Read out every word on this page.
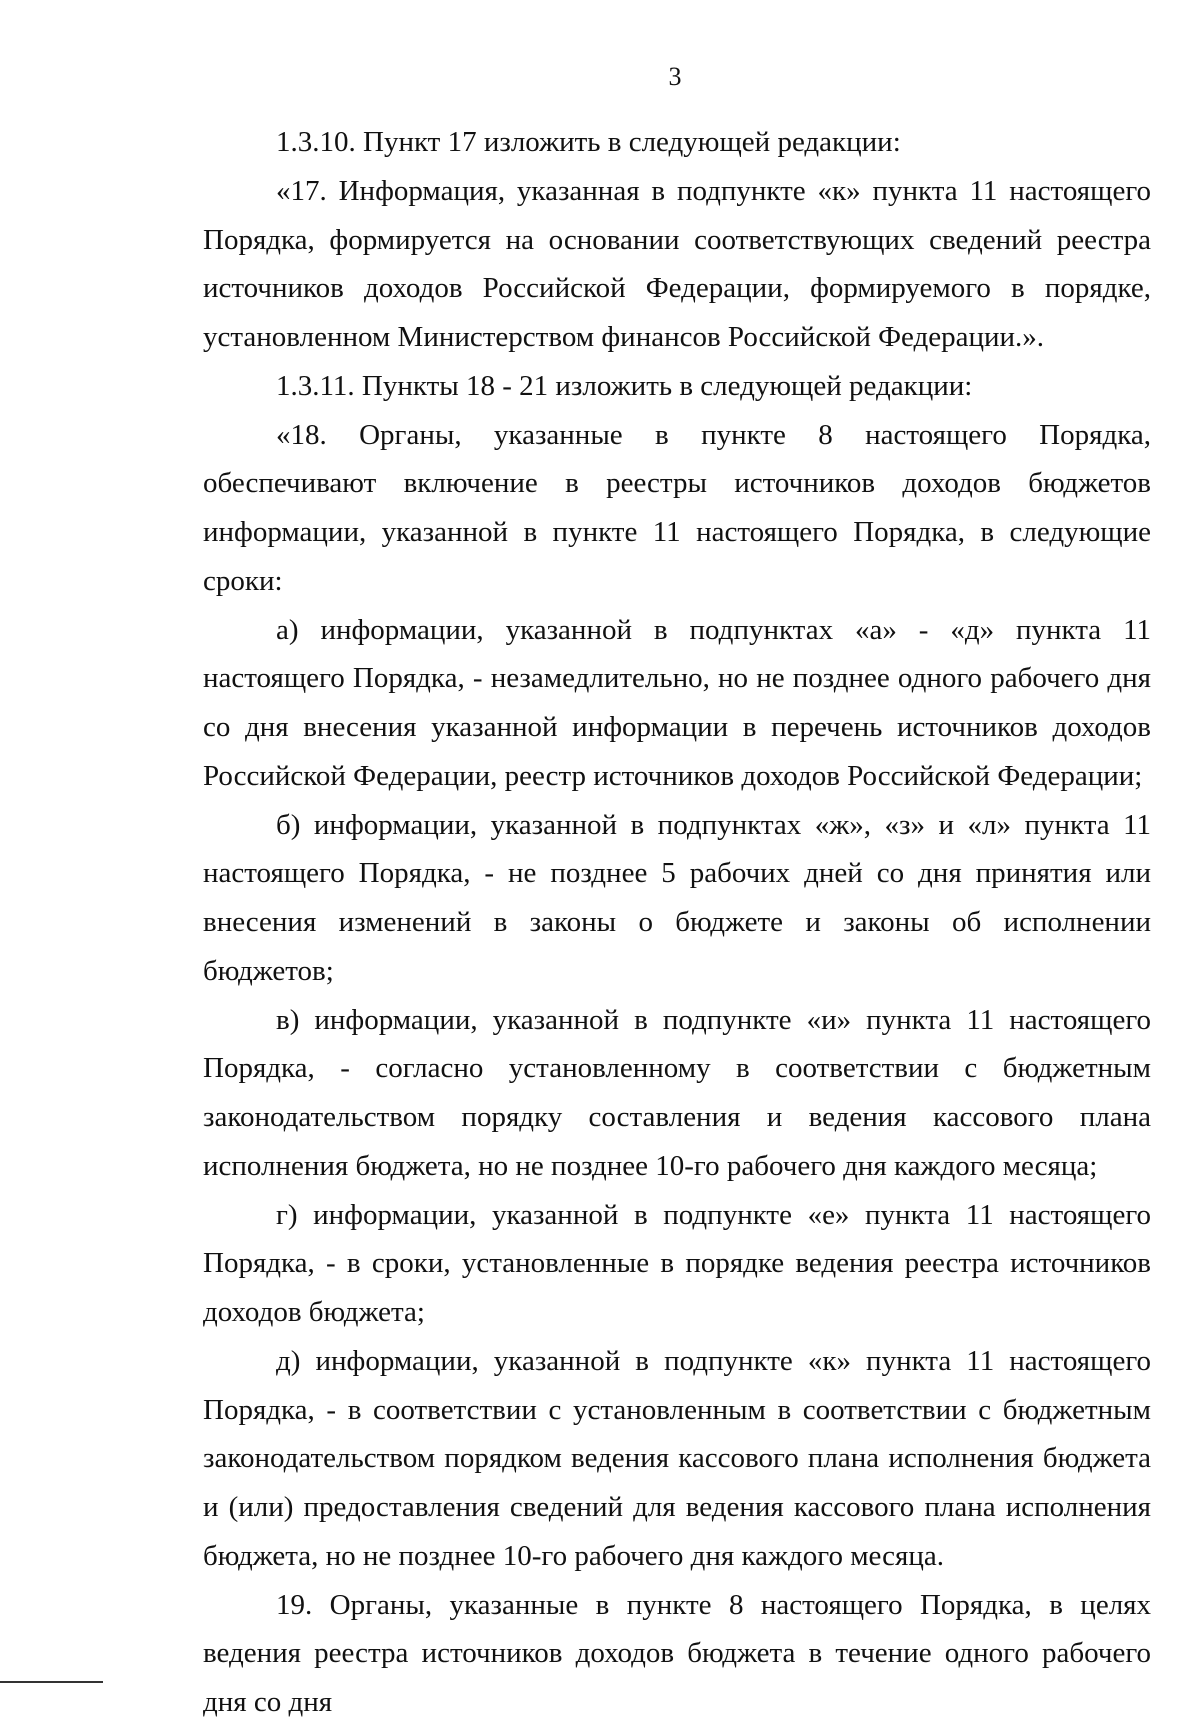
3

1.3.10. Пункт 17 изложить в следующей редакции:

«17. Информация, указанная в подпункте «к» пункта 11 настоящего Порядка, формируется на основании соответствующих сведений реестра источников доходов Российской Федерации, формируемого в порядке, установленном Министерством финансов Российской Федерации.».

1.3.11. Пункты 18 - 21 изложить в следующей редакции:

«18. Органы, указанные в пункте 8 настоящего Порядка, обеспечивают включение в реестры источников доходов бюджетов информации, указанной в пункте 11 настоящего Порядка, в следующие сроки:

а) информации, указанной в подпунктах «а» - «д» пункта 11 настоящего Порядка, - незамедлительно, но не позднее одного рабочего дня со дня внесения указанной информации в перечень источников доходов Российской Федерации, реестр источников доходов Российской Федерации;

б) информации, указанной в подпунктах «ж», «з» и «л» пункта 11 настоящего Порядка, - не позднее 5 рабочих дней со дня принятия или внесения изменений в законы о бюджете и законы об исполнении бюджетов;

в) информации, указанной в подпункте «и» пункта 11 настоящего Порядка, - согласно установленному в соответствии с бюджетным законодательством порядку составления и ведения кассового плана исполнения бюджета, но не позднее 10-го рабочего дня каждого месяца;

г) информации, указанной в подпункте «е» пункта 11 настоящего Порядка, - в сроки, установленные в порядке ведения реестра источников доходов бюджета;

д) информации, указанной в подпункте «к» пункта 11 настоящего Порядка, - в соответствии с установленным в соответствии с бюджетным законодательством порядком ведения кассового плана исполнения бюджета и (или) предоставления сведений для ведения кассового плана исполнения бюджета, но не позднее 10-го рабочего дня каждого месяца.

19. Органы, указанные в пункте 8 настоящего Порядка, в целях ведения реестра источников доходов бюджета в течение одного рабочего дня со дня
